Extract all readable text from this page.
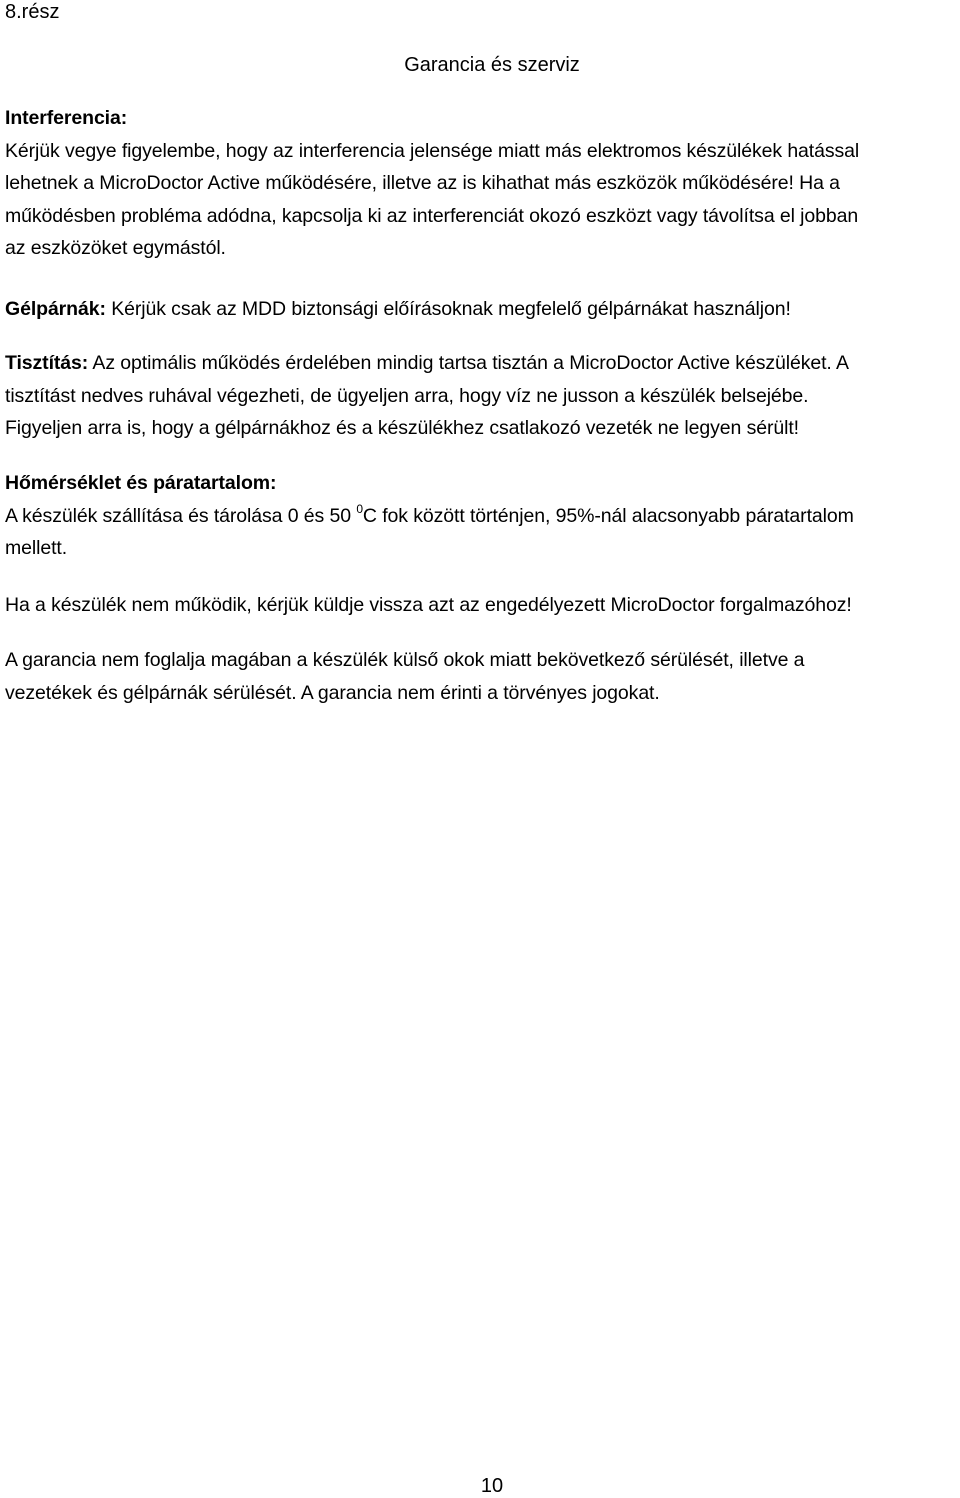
8.rész
Garancia és szerviz
Interferencia:
Kérjük vegye figyelembe, hogy az interferencia jelensége miatt más elektromos készülékek hatással
lehetnek a MicroDoctor Active működésére, illetve az is kihathat más eszközök működésére! Ha a
működésben probléma adódna, kapcsolja ki az interferenciát okozó eszközt vagy távolítsa el jobban
az eszközöket egymástól.
Gélpárnák: Kérjük csak az MDD biztonsági előírásoknak megfelelő gélpárnákat használjon!
Tisztítás: Az optimális működés érdelében mindig tartsa tisztán a MicroDoctor Active készüléket. A
tisztítást nedves ruhával végezheti, de ügyeljen arra, hogy víz ne jusson a készülék belsejébe.
Figyeljen arra is, hogy a gélpárnákhoz és a készülékhez csatlakozó vezeték ne legyen sérült!
Hőmérséklet és páratartalom:
A készülék szállítása és tárolása 0 és 50 $^0$C fok között történjen, 95%-nál alacsonyabb páratartalom
mellett.
Ha a készülék nem működik, kérjük küldje vissza azt az engedélyezett MicroDoctor forgalmazóhoz!
A garancia nem foglalja magában a készülék külső okok miatt bekövetkező sérülését, illetve a
vezetékek és gélpárnák sérülését. A garancia nem érinti a törvényes jogokat.
10
